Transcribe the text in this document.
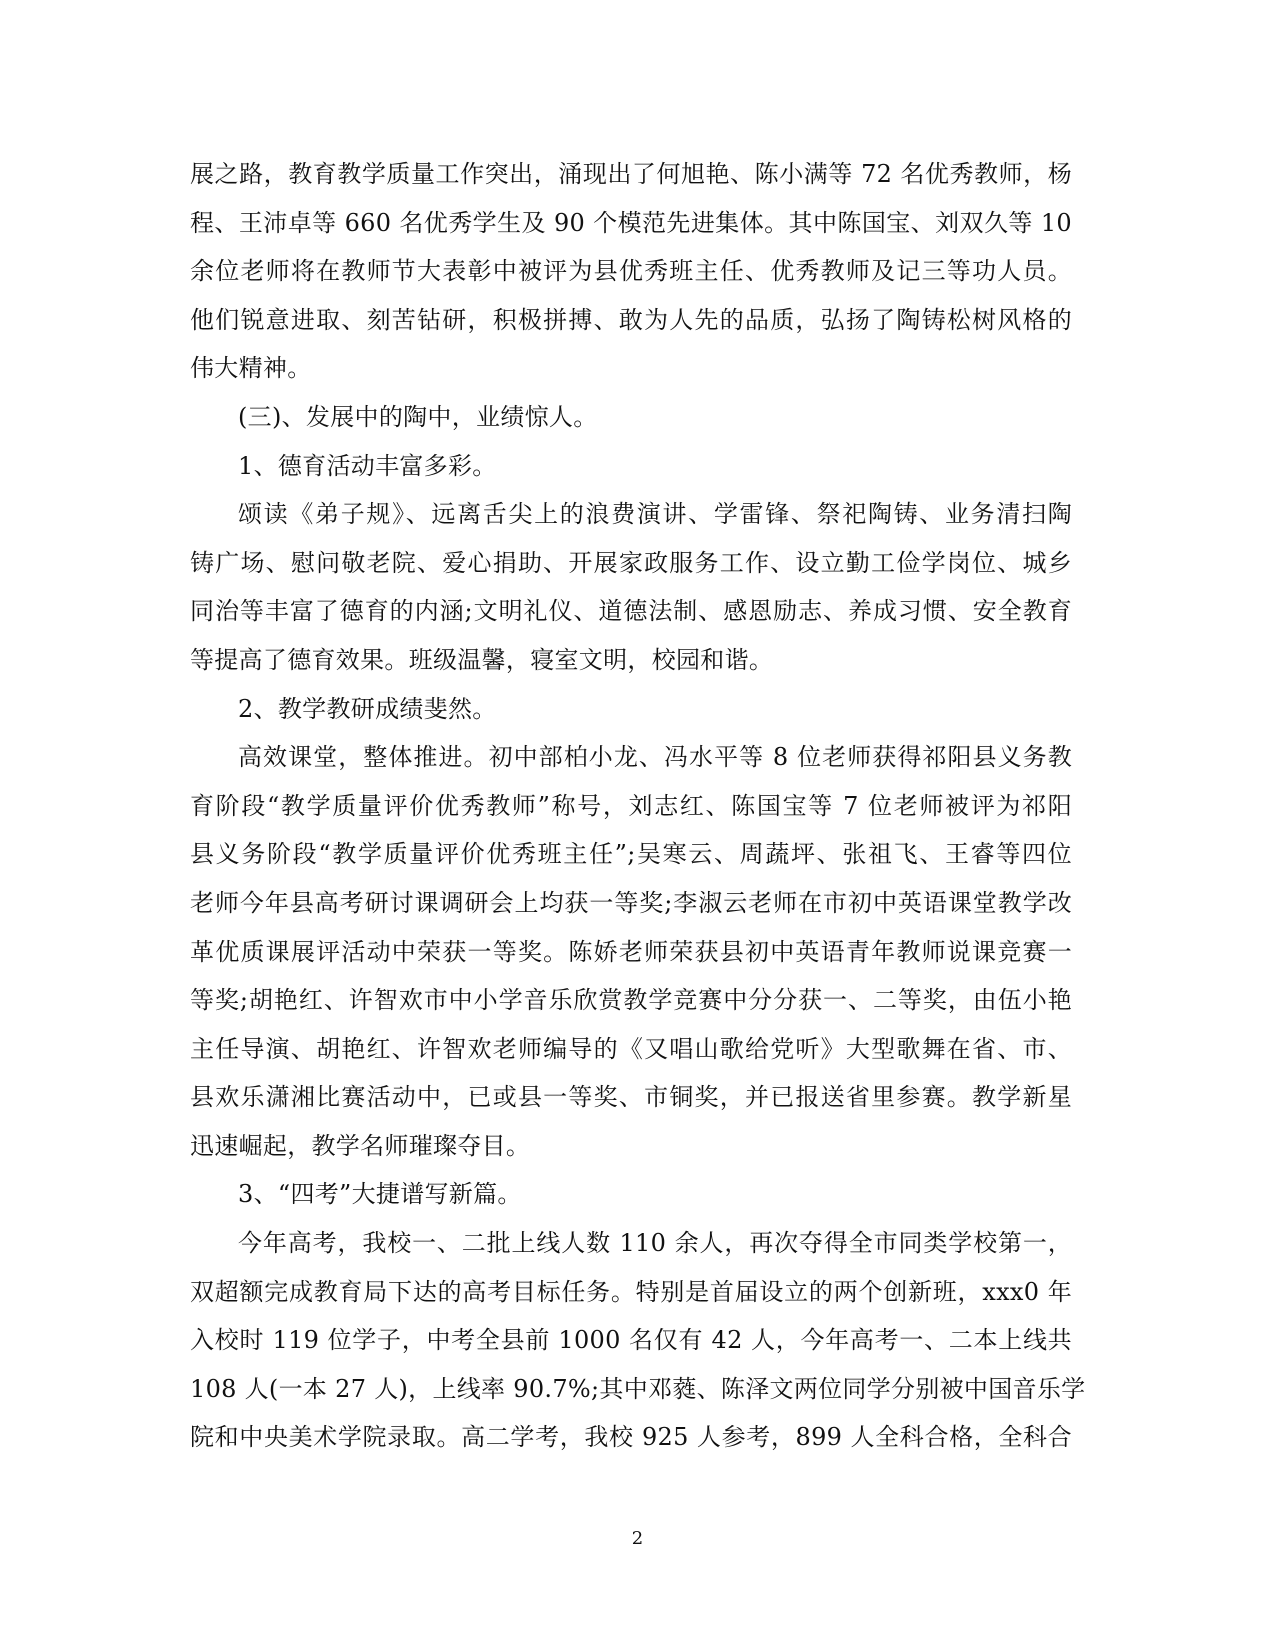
展之路，教育教学质量工作突出，涌现出了何旭艳、陈小满等 72 名优秀教师，杨
程、王沛卓等 660 名优秀学生及 90 个模范先进集体。其中陈国宝、刘双久等 10
余位老师将在教师节大表彰中被评为县优秀班主任、优秀教师及记三等功人员。
他们锐意进取、刻苦钻研，积极拼搏、敢为人先的品质，弘扬了陶铸松树风格的
伟大精神。
(三)、发展中的陶中，业绩惊人。
1、德育活动丰富多彩。
颂读《弟子规》、远离舌尖上的浪费演讲、学雷锋、祭祀陶铸、业务清扫陶
铸广场、慰问敬老院、爱心捐助、开展家政服务工作、设立勤工俭学岗位、城乡
同治等丰富了德育的内涵;文明礼仪、道德法制、感恩励志、养成习惯、安全教育
等提高了德育效果。班级温馨，寝室文明，校园和谐。
2、教学教研成绩斐然。
高效课堂，整体推进。初中部柏小龙、冯水平等 8 位老师获得祁阳县义务教
育阶段“教学质量评价优秀教师”称号，刘志红、陈国宝等 7 位老师被评为祁阳
县义务阶段“教学质量评价优秀班主任”;吴寒云、周蔬坪、张祖飞、王睿等四位
老师今年县高考研讨课调研会上均获一等奖;李淑云老师在市初中英语课堂教学改
革优质课展评活动中荣获一等奖。陈娇老师荣获县初中英语青年教师说课竞赛一
等奖;胡艳红、许智欢市中小学音乐欣赏教学竞赛中分分获一、二等奖，由伍小艳
主任导演、胡艳红、许智欢老师编导的《又唱山歌给党听》大型歌舞在省、市、
县欢乐潇湘比赛活动中，已或县一等奖、市铜奖，并已报送省里参赛。教学新星
迅速崛起，教学名师璀璨夺目。
3、“四考”大捷谱写新篇。
今年高考，我校一、二批上线人数 110 余人，再次夺得全市同类学校第一，
双超额完成教育局下达的高考目标任务。特别是首届设立的两个创新班，xxx0 年
入校时 119 位学子，中考全县前 1000 名仅有 42 人，今年高考一、二本上线共
108 人(一本 27 人)，上线率 90.7%;其中邓蕤、陈泽文两位同学分别被中国音乐学
院和中央美术学院录取。高二学考，我校 925 人参考，899 人全科合格，全科合
2
